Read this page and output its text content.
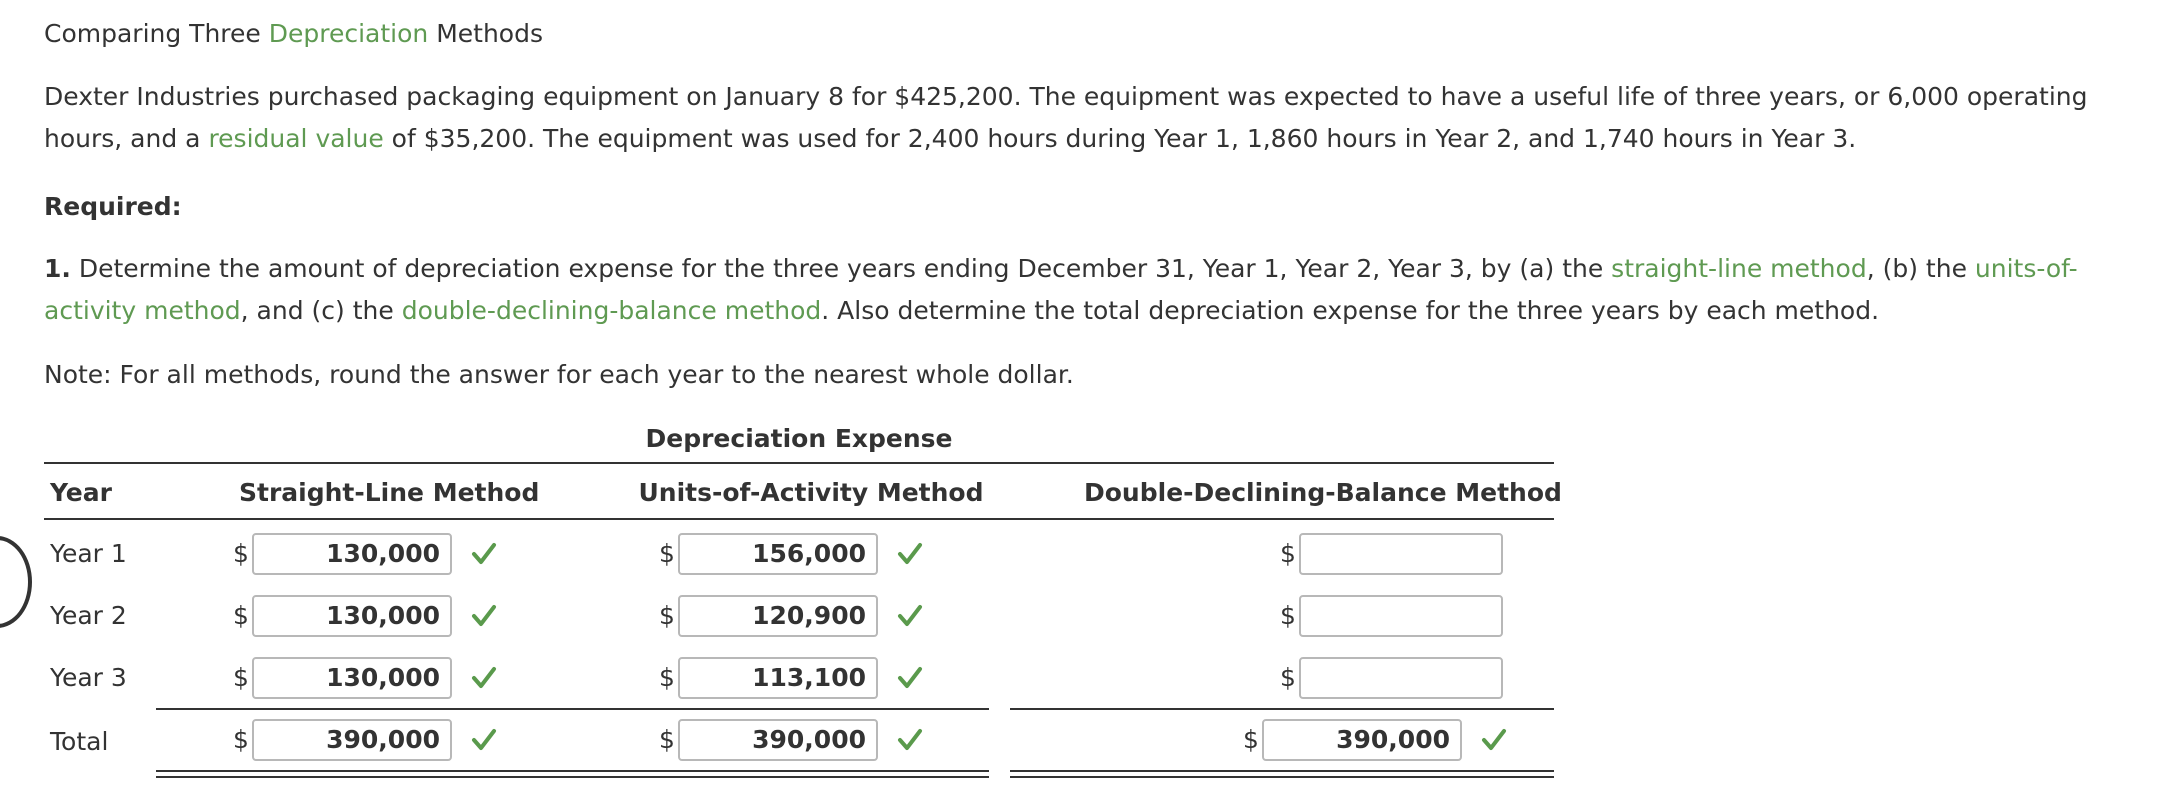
Comparing Three Depreciation Methods

Dexter Industries purchased packaging equipment on January 8 for $425,200. The equipment was expected to have a useful life of three years, or 6,000 operating hours, and a residual value of $35,200. The equipment was used for 2,400 hours during Year 1, 1,860 hours in Year 2, and 1,740 hours in Year 3.

Required:

1. Determine the amount of depreciation expense for the three years ending December 31, Year 1, Year 2, Year 3, by (a) the straight-line method, (b) the units-of-activity method, and (c) the double-declining-balance method. Also determine the total depreciation expense for the three years by each method.

Note: For all methods, round the answer for each year to the nearest whole dollar.

Depreciation Expense
Year	Straight-Line Method	Units-of-Activity Method	Double-Declining-Balance Method
Year 1	$	130,000	$	156,000	$
Year 2	$	130,000	$	120,900	$
Year 3	$	130,000	$	113,100	$
Total	$	390,000	$	390,000	$	390,000
